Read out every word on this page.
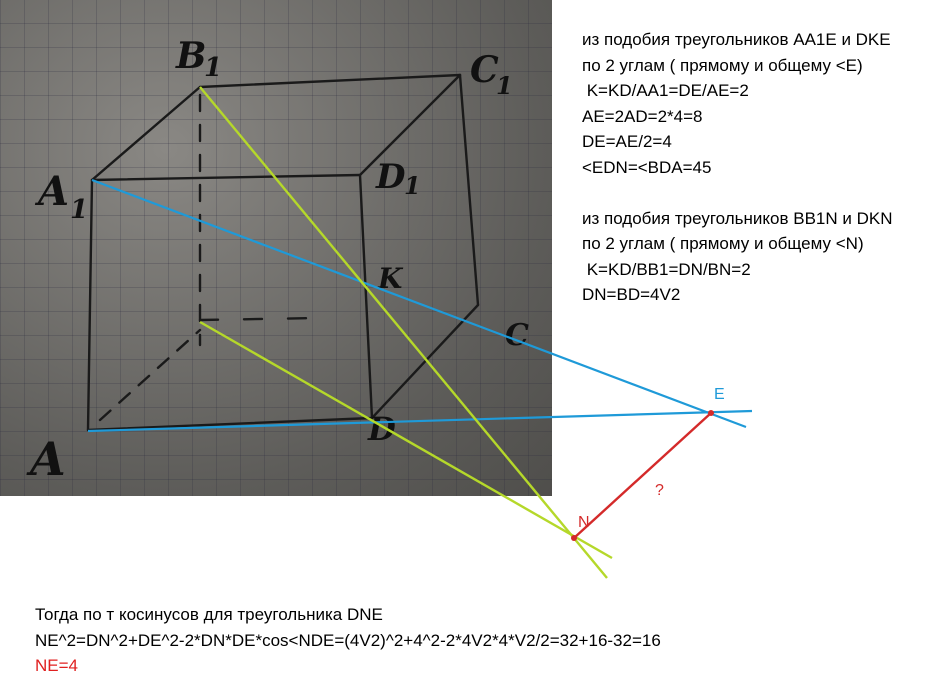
A
A 1
B
1	C
1
D
1
K
D
C
E
N
?
из подобия треугольников AA1E и DKE
по 2 углам ( прямому и общему <E)
K=KD/AA1=DE/AE=2
AE=2AD=2*4=8
DE=AE/2=4
<EDN=<BDA=45
из подобия треугольников BB1N и DKN
по 2 углам ( прямому и общему <N)
K=KD/BB1=DN/BN=2
DN=BD=4V2
Тогда по т косинусов для треугольника DNE
NE^2=DN^2+DE^2-2*DN*DE*cos<NDE=(4V2)^2+4^2-2*4V2*4*V2/2=32+16-32=16
NE=4
